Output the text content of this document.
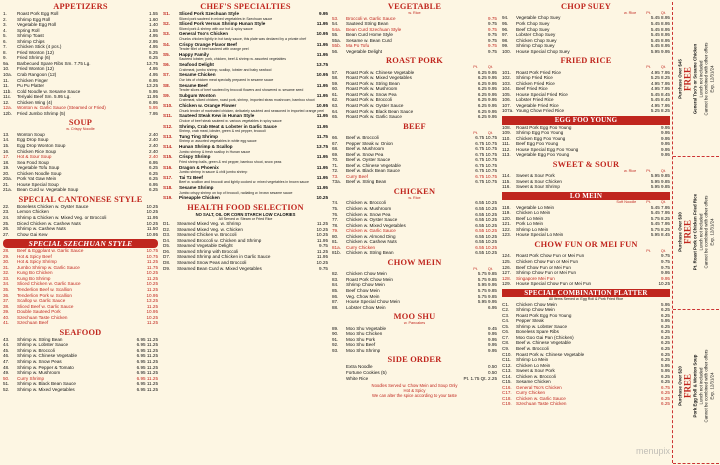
APPETIZERS
1.	Roast Pork Egg Roll	1.55
2.	Shrimp Egg Roll	1.60
3.	Vegetable Egg Roll	1.40
4.	Spring Roll	1.55
5.	Shrimp Toast	4.95
6.	Shrimp Chips	2.95
7.	Chicken Stick (4 pcs.)	4.95
8.	Fried Wonton (12)	5.25
9.	Fried Shrimp (6)	6.25
9a.	Barbecued Spare Ribs Sm. 7.75 Lg.	13.75
10.	Fried Wonton (12)	4.95
10a.	Crab Rangoon (12)	4.95
11.	Chicken Finger	6.95
11.	Pu Pu Platter	13.25
11b.	Cold Noodle w. Sesame Sauce	5.95
11c.	Teriyaki Beef Sm. 5.95 Lg.	11.95
12.	Chicken Wing (4)	6.95
12a.	Wonton w. Garlic Sauce (Steamed or Fried)	5.95
12b.	Fried Jumbo Shrimp (5)	7.95
SOUP
w. Crispy Noodle
13.	Wonton Soup	2.40
14.	Egg Drop Soup	2.40
15.	Egg Drop Wonton Soup	2.40
16.	Chicken Rice Soup	2.40
17.	Hot & Sour Soup	2.40
18.	Sea Food Soup	6.95
19.	Vegetable Tofu Soup	6.25
20.	Chicken Noodle Soup	6.25
20a.	Pork Yat Gaw Mein	6.25
21.	House Special Soup	6.95
21a.	Bean Curd w. Vegetable Soup	6.25
SPECIAL CANTONESE STYLE
22.	Boneless Chicken w. Oyster Sauce	10.25
23.	Lemon Chicken	10.25
24.	Shrimp & Chicken w. Mixed Veg. or Broccoli	11.95
25.	Diced Chicken w. Cashew Nuts	10.25
26.	Shrimp w. Cashew Nuts	11.50
27.	Chow Gai Kew	10.95
SPECIAL SZECHUAN STYLE
28.	Beef & Eggplant w. Garlic Sauce	10.75
29.	Hot & Spicy Beef	10.75
30.	Hot & Spicy Shrimp	11.25
31.	Jumbo Shrimp w. Garlic Sauce	11.75
32.	Kung Bo Chicken	10.25
33.	Kung Bo Shrimp	11.25
34.	Sliced Chicken w. Garlic Sauce	10.25
35.	Tenderlion Beef w. Scallion	11.25
36.	Tenderlion Pork w. Scallion	10.95
37.	Scallop w. Garlic Sauce	13.25
38.	Sliced Beef w. Garlic Sauce	11.25
39.	Double Sauteed Pork	10.95
40.	Szechuan Taste Chicken	10.25
41.	Szechuan Beef	11.25
SEAFOOD
43.	Shrimp w. String Bean	6.95 11.25
44.	Shrimp w. Lobster Sauce	6.95 11.25
45.	Shrimp w. Broccoli	6.95 11.25
46.	Shrimp w. Chinese Vegetable	6.95 11.25
47.	Shrimp w. Snow Peas	6.95 11.25
48.	Shrimp w. Pepper & Tomato	6.95 11.25
49.	Shrimp w. Mushroom	6.95 11.25
50.	Curry Shrimp	6.95 11.25
51.	Shrimp w. Black Bean Sauce	6.95 11.25
52.	Shrimp w. Mixed Vegetables	6.95 11.25
CHEF'S SPECIALTIES
S1.	Sliced Pork Szechuan Style	9.95
Sliced pork sauteed in mixed vegetables in Szechuan sauce
S2.	Sliced Pork Versus Shrimp Hunan Style	11.95
Sliced pork & shrimp with our hot & spicy sauce
S3.	General Tso's Chicken	10.95
Chunks chicken lightly in hot tasty sauce, this plate was declared by a private chef
S4.	Crispy Orange Flavor Beef	11.95
Tender fillet of beef sauteed with orange peel
S5.	Happy Family	11.95
Sauteed lobster, pork, chicken, beef & shrimp w. assorted vegetables
S6.	Seafood Delight	13.75
Crabmeat, jumbo shrimp, scallop, lobster and baby seafood
S7.	Sesame Chicken	10.95
Our lots of chicken meat specially prepared in sesame sauce
S8.	Sesame Beef	11.95
Tender slices of beef sauteed by broccoli flowers and showered w. sesame seed
S9.	Subgum Wonton	11.95
Crabmeat, sliced chicken, roast pork, shrimp, imported straw mushroom, bamboo shoot
S10.	Chicken w. Orange Flower	10.95
Chunk tender of marinated chicken, delicately sautéed and seasoned in imported orange peel
S11.	Sauteed Steak Kew in Hunan Style	11.95
Choice of beef steak sauteed w. various vegetables in spicy sauce
S12.	Shrimp, Crab Meat & Lobster in Garlic Sauce	11.95
Shrimp, crab meat, lobster, green & red pepper, broccoli
S13.	Tung Ting Shrimp	11.75
Shrimp w. assorted vegetables in white egg sauce
S14.	Hunan Shrimp & Scallop	13.75
Jumbo shrimp & fresh scallop in Hunan sauce
S15.	Crispy Shrimp	11.95
Fried shrimp balls, green & red pepper, bamboo shoot, snow peas
S16.	Dragon & Phoenix	11.95
Jumbo shrimp in sauce & chili jumbo shrimp
S17.	Tai Tz Beef	11.95
Beef w. scallion and broccoli and lightly cooked w. mixed vegetables in brown sauce
S18.	Sesame Shrimp	11.95
Jumbo crispy shrimp on top of broccoli, radiating w. brown sesame sauce
S19.	Pineapple Chicken	10.25
HEALTH FOOD SELECTION
NO SALT, OIL OR CORN STARCH LOW CALORIES
All Served w. Steam or Fried Rice
D1.	Steamed Mixed Veg. w. Shrimp	11.25
D2.	Steamed Mixed Veg. w. Chicken	10.25
D3.	Steamed Chicken w. Broccoli	10.25
D4.	Steamed Broccoli w. Chicken and Shrimp	11.95
D5.	Steamed Vegetable Delight	9.75
D6.	Steamed Shrimp with Broccoli	11.25
D7.	Steamed Shrimp and Chicken in Garlic Sauce	11.95
D8.	Steamed Snow Peas and Broccoli	10.25
D9.	Steamed Bean Curd w. Mixed Vegetables	9.75
VEGETABLE
w. Rice
53.	Broccoli w. Garlic Sauce	9.75
54.	Sauteed String Bean	9.75
54a.	Bean Curd Szechuan Style	9.75
55.	Bean Curd Home Style	9.75
55a.	Sesame w. Bean Curd	9.75
55b.	Ma Po Tofu	9.75
56.	Vegetable Delight	9.75
ROAST PORK
Pt.	Qt.
57.	Roast Pork w. Chinese Vegetable	6.25 9.95
58.	Roast Pork w. Mixed Vegetables	6.25 9.95
59.	Roast Pork w. String Bean	6.25 9.95
60.	Roast Pork w. Mushroom	6.25 9.95
61.	Roast Pork w. Snow Pea	6.25 9.95
62.	Roast Pork w. Broccoli	6.25 9.95
63.	Roast Pork w. Oyster Sauce	6.25 9.95
64.	Roast Pork w. Black Bean Sauce	6.25 9.95
65.	Roast Pork w. Garlic Sauce	6.25 9.95
BEEF
Pt.	Qt.
66.	Beef w. Broccoli	6.75 10.75
67.	Pepper Steak w. Onion	6.75 10.75
68.	Beef w. Mushroom	6.75 10.75
69.	Beef w. Snow Pea	6.75 10.75
70.	Beef w. Oyster Sauce	6.75 10.75
71.	Beef w. Chinese Vegetable	6.75 10.75
72.	Beef w. Black Bean Sauce	6.75 10.75
73.	Curry Beef	6.75 10.75
73a.	Beef w. String Bean	6.75 10.75
CHICKEN
w. Rice
74.	Chicken w. Broccoli	6.55 10.25
75.	Chicken w. Mushroom	6.55 10.25
76.	Chicken w. Snow Pea	6.55 10.25
77.	Chicken w. Oyster Sauce	6.55 10.25
78.	Chicken w. Mixed Vegetables	6.55 10.25
79.	Chicken w. Garlic Sauce	6.55 10.25
80.	Chicken w. Almond Ding	6.55 10.25
81.	Chicken w. Cashew Nuts	6.55 10.25
81a.	Curry Chicken	6.55 10.25
81b.	Chicken w. String Bean	6.55 10.25
CHOW MEIN
Pt.	Qt.
82.	Chicken Chow Mein	5.75 9.85
83.	Roast Pork Chow Mein	5.75 9.85
84.	Shrimp Chow Mein	5.95 9.95
85.	Beef Chow Mein	5.75 9.85
86.	Veg. Chow Mein	5.75 9.85
87.	House Special Chow Mein	5.95 9.95
88.	Lobster Chow Mein	6.95
MOO SHU
w. Pancakes
89.	Moo Shu Vegetable	9.45
90.	Moo Shu Chicken	9.95
91.	Moo Shu Pork	9.95
92.	Moo Shu Beef	9.95
93.	Moo Shu Shrimp	9.95
SIDE ORDER
Extra Noodle	0.50
Fortune Cookies (5)	0.50
White Rice	Pt. 1.75 Qt. 2.25
Noodles Served w. Chow Mein and Soup Only
Hot & Spicy
We can alter the spice according to your taste
CHOP SUEY
w. Rice	Pt.	Qt.
94.	Vegetable Chop Suey	5.45 8.95
95.	Pork Chop Suey	5.45 8.95
96.	Beef Chop Suey	5.45 8.95
97.	Lobster Chop Suey	5.45 8.95
98.	Chicken Chop Suey	5.45 8.95
99.	Shrimp Chop Suey	5.45 8.95
100.	House Special Chop Suey	5.95 9.95
FRIED RICE
Pt.	Qt.
101.	Roast Pork Fried Rice	4.95 7.95
102.	Shrimp Fried Rice	5.25 8.25
103.	Chicken Fried Rice	4.95 7.95
104.	Beef Fried Rice	4.95 7.95
105.	House Special Fried Rice	5.45 8.45
106.	Lobster Fried Rice	5.45 8.45
107.	Vegetable Fried Rice	4.95 7.95
107a. Young Chow Fried Rice	5.25 8.25
EGG FOO YOUNG
108.	Roast Pork Egg Foo Young	9.95
109.	Shrimp Egg Foo Young	9.95
110.	Chicken Egg Foo Young	9.95
111.	Beef Egg Foo Young	9.95
112.	House Special Egg Foo Young	9.95
113.	Vegetable Egg Foo Young	9.95
SWEET & SOUR
w. Rice	Pt.	Qt.
114.	Sweet & Sour Pork	5.95 9.85
115.	Sweet & Sour Chicken	5.95 9.85
116.	Sweet & Sour Shrimp	5.95 9.85
LO MEIN
Soft Noodle	Pt.	Qt.
118.	Vegetable Lo Mein	5.45 7.95
119.	Chicken Lo Mein	5.45 7.95
120.	Beef Lo Mein	5.75 8.25
121.	Pork Lo Mein	5.45 7.95
122.	Shrimp Lo Mein	5.75 8.25
123.	House Special Lo Mein	5.95 8.45
CHOW FUN OR MEI FUN
Pt.	Qt.
124.	Roast Pork Chow Fun or Mei Fun	9.75
125.	Chicken Chow Fun or Mei Fun	9.75
126.	Beef Chow Fun or Mei Fun	9.75
127.	Shrimp Chow Fun or Mei Fun	9.95
128.	Singapore Mei Fun	9.95
129.	House Special Chow Fun or Mei Fun	10.25
SPECIAL COMBINATION PLATTER
All Items Served w. Egg Roll & Pork Fried Rice
C1.	Chicken Chow Mein	5.95
C2.	Shrimp Chow Mein	6.25
C3.	Roast Pork Egg Foo Young	6.25
C4.	Pepper Steak	5.95
C5.	Shrimp w. Lobster Sauce	6.25
C6.	Boneless Spare Ribs	6.25
C7.	Moo Goo Gai Pan (Chicken)	6.25
C8.	Beef w. Chinese Vegetable	6.25
C9.	Beef w. Broccoli	6.25
C10. Roast Pork w. Chinese Vegetable	6.25
C11.	Shrimp Lo Mein	6.25
C12. Chicken Lo Mein	5.95
C13. Sweet & Sour Pork	5.95
C14. Chicken w. Broccoli	6.25
C15. Sesame Chicken	6.25
C16. General Tso's Chicken	6.75
C17. Curry Chicken	6.25
C18. Chicken w. Garlic Sauce	6.25
C19. Szechuan Taste Chicken	6.25
Purchase Over $45 FREE General Tso's or Sesame Chicken Lunch not included Cannot be combined with other offers Exp. 12/31/24
Purchase Over $30 FREE Pt. Roast Pork or Chicken Fried Rice Lunch not included Cannot be combined with other offers Exp. 12/31/24
Purchase Over $20 FREE Pork Egg Roll & Wonton Soup Lunch not included Cannot be combined with other offers Exp. 12/31/24
menupix
